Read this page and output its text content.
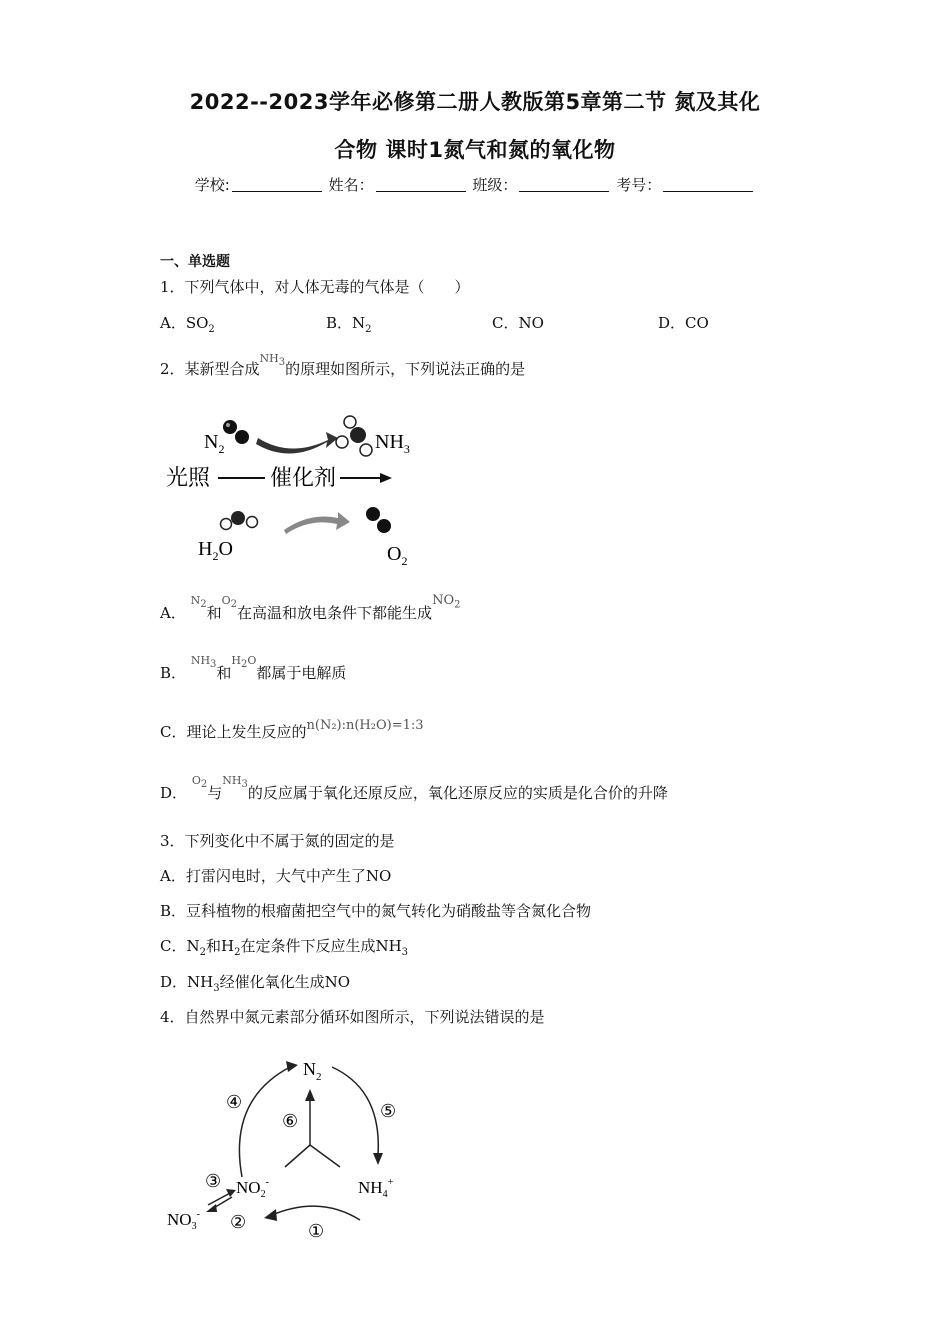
2022--2023学年必修第二册人教版第5章第二节 氮及其化
合物 课时1氮气和氮的氧化物
学校:	姓名：	班级：	考号：
一、单选题
1．下列气体中，对人体无毒的气体是（　　）
A．$SO_2$	B．$N_2$	C．NO	D．CO
2．某新型合成$^{NH_3}$的原理如图所示，下列说法正确的是
$N_2$	$NH_3$
光照	催化剂
$H_2O$	$O_2$
A． $^{N_2}$和$^{O_2}$在高温和放电条件下都能生成$NO_2$
B． $^{NH_3}$和$^{H_2O}$都属于电解质
C．理论上发生反应的n(N₂):n(H₂O)=1:3
D． $^{O_2}$与$^{NH_3}$的反应属于氧化还原反应，氧化还原反应的实质是化合价的升降
3．下列变化中不属于氮的固定的是
A．打雷闪电时，大气中产生了NO
B．豆科植物的根瘤菌把空气中的氮气转化为硝酸盐等含氮化合物
C．$N_2$和$H_2$在定条件下反应生成$NH_3$
D．$NH_3$经催化氧化生成NO
4．自然界中氮元素部分循环如图所示，下列说法错误的是
$N_2$
⑤
④
⑥
$NH_4^+$
$NO_2^-$
①
③
②
$NO_3^-$
